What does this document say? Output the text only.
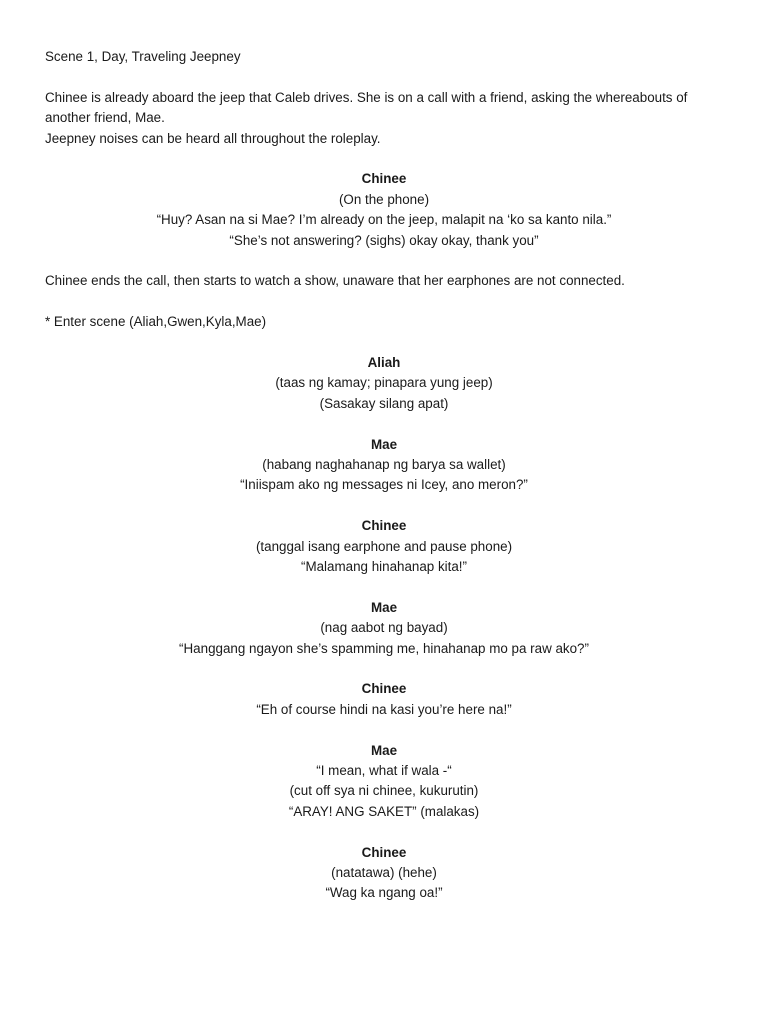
Scene 1, Day, Traveling Jeepney
Chinee is already aboard the jeep that Caleb drives. She is on a call with a friend, asking the whereabouts of
another friend, Mae.
Jeepney noises can be heard all throughout the roleplay.
Chinee
(On the phone)
“Huy? Asan na si Mae? I’m already on the jeep, malapit na ‘ko sa kanto nila.”
“She’s not answering? (sighs) okay okay, thank you”
Chinee ends the call, then starts to watch a show, unaware that her earphones are not connected.
* Enter scene (Aliah,Gwen,Kyla,Mae)
Aliah
(taas ng kamay; pinapara yung jeep)
(Sasakay silang apat)
Mae
(habang naghahanap ng barya sa wallet)
“Iniispam ako ng messages ni Icey, ano meron?”
Chinee
(tanggal isang earphone and pause phone)
“Malamang hinahanap kita!”
Mae
(nag aabot ng bayad)
“Hanggang ngayon she’s spamming me, hinahanap mo pa raw ako?”
Chinee
“Eh of course hindi na kasi you’re here na!”
Mae
“I mean, what if wala -“
(cut off sya ni chinee, kukurutin)
“ARAY! ANG SAKET” (malakas)
Chinee
(natatawa) (hehe)
“Wag ka ngang oa!”
